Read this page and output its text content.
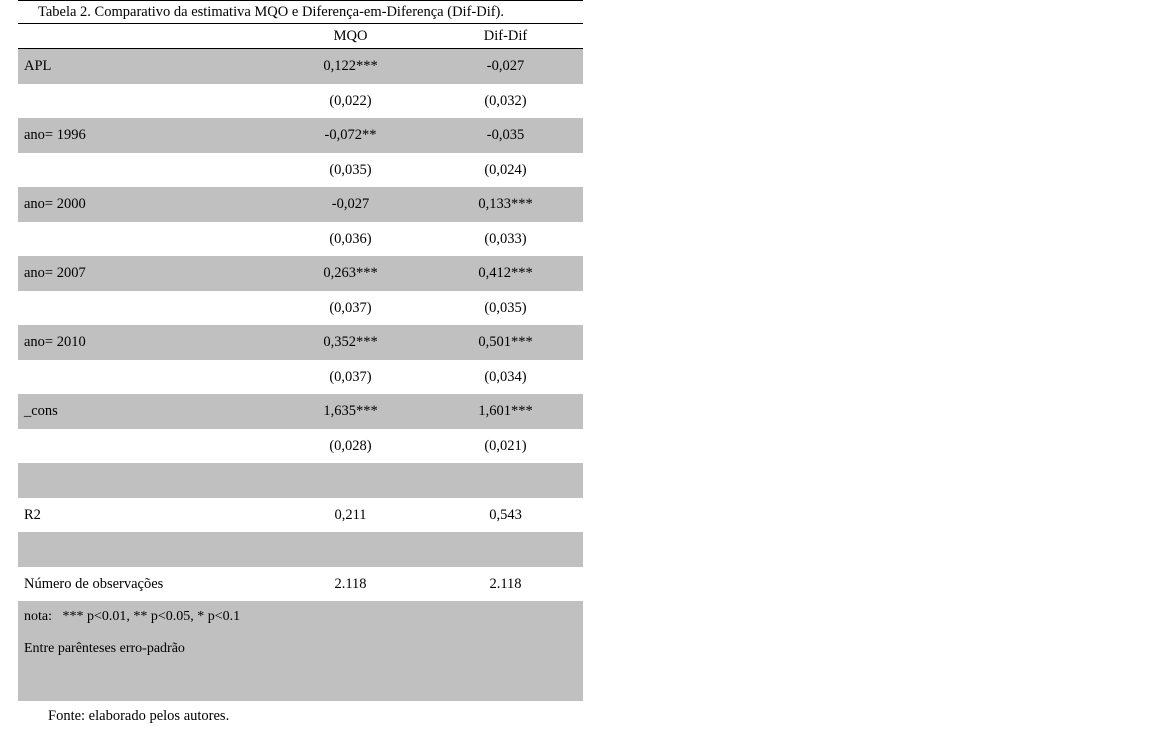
Tabela 2. Comparativo da estimativa MQO e Diferença-em-Diferença (Dif-Dif).
	MQO	Dif-Dif
APL	0,122***	-0,027
	(0,022)	(0,032)
ano= 1996	-0,072**	-0,035
	(0,035)	(0,024)
ano= 2000	-0,027	0,133***
	(0,036)	(0,033)
ano= 2007	0,263***	0,412***
	(0,037)	(0,035)
ano= 2010	0,352***	0,501***
	(0,037)	(0,034)
_cons	1,635***	1,601***
	(0,028)	(0,021)

R2	0,211	0,543

Número de observações	2.118	2.118
nota: *** p<0.01, ** p<0.05, * p<0.1
Entre parênteses erro-padrão
Fonte: elaborado pelos autores.
